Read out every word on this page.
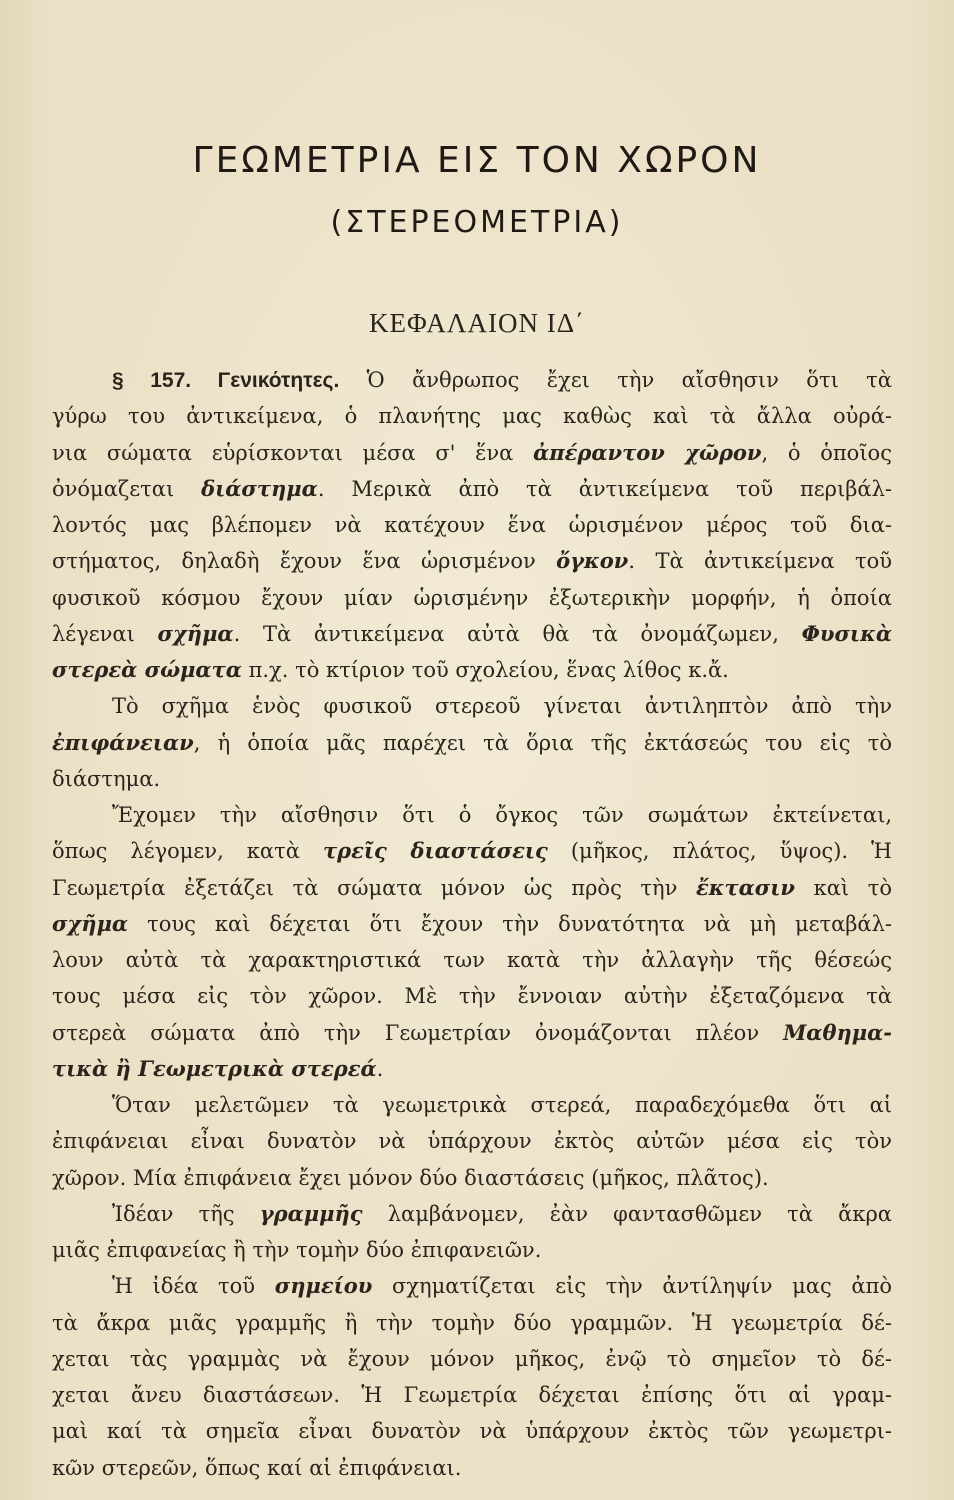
ΓΕΩΜΕΤΡΙΑ ΕΙΣ ΤΟΝ ΧΩΡΟΝ
(ΣΤΕΡΕΟΜΕΤΡΙΑ)
ΚΕΦΑΛΑΙΟΝ ΙΔ΄
§ 157. Γενικότητες. Ὁ ἄνθρωπος ἔχει τὴν αἴσθησιν ὅτι τὰ
γύρω του ἀντικείμενα, ὁ πλανήτης μας καθὼς καὶ τὰ ἄλλα οὐρά-
νια σώματα εὑρίσκονται μέσα σ' ἕνα ἀπέραντον χῶρον, ὁ ὁποῖος
ὀνόμαζεται διάστημα. Μερικὰ ἀπὸ τὰ ἀντικείμενα τοῦ περιβάλ-
λοντός μας βλέπομεν νὰ κατέχουν ἕνα ὡρισμένον μέρος τοῦ δια-
στήματος, δηλαδὴ ἔχουν ἕνα ὡρισμένον ὄγκον. Τὰ ἀντικείμενα τοῦ
φυσικοῦ κόσμου ἔχουν μίαν ὡρισμένην ἐξωτερικὴν μορφήν, ἡ ὁποία
λέγεναι σχῆμα. Τὰ ἀντικείμενα αὐτὰ θὰ τὰ ὀνομάζωμεν, Φυσικὰ
στερεὰ σώματα π.χ. τὸ κτίριον τοῦ σχολείου, ἕνας λίθος κ.ἄ.
Τὸ σχῆμα ἑνὸς φυσικοῦ στερεοῦ γίνεται ἀντιληπτὸν ἀπὸ τὴν
ἐπιφάνειαν, ἡ ὁποία μᾶς παρέχει τὰ ὅρια τῆς ἐκτάσεώς του εἰς τὸ
διάστημα.
Ἔχομεν τὴν αἴσθησιν ὅτι ὁ ὄγκος τῶν σωμάτων ἐκτείνεται,
ὅπως λέγομεν, κατὰ τρεῖς διαστάσεις (μῆκος, πλάτος, ὕψος). Ἡ
Γεωμετρία ἐξετάζει τὰ σώματα μόνον ὡς πρὸς τὴν ἔκτασιν καὶ τὸ
σχῆμα τους καὶ δέχεται ὅτι ἔχουν τὴν δυνατότητα νὰ μὴ μεταβάλ-
λουν αὐτὰ τὰ χαρακτηριστικά των κατὰ τὴν ἀλλαγὴν τῆς θέσεώς
τους μέσα εἰς τὸν χῶρον. Μὲ τὴν ἔννοιαν αὐτὴν ἐξεταζόμενα τὰ
στερεὰ σώματα ἀπὸ τὴν Γεωμετρίαν ὀνομάζονται πλέον Μαθημα-
τικὰ ἢ Γεωμετρικὰ στερεά.
Ὅταν μελετῶμεν τὰ γεωμετρικὰ στερεά, παραδεχόμεθα ὅτι αἱ
ἐπιφάνειαι εἶναι δυνατὸν νὰ ὑπάρχουν ἐκτὸς αὐτῶν μέσα εἰς τὸν
χῶρον. Μία ἐπιφάνεια ἔχει μόνον δύο διαστάσεις (μῆκος, πλᾶτος).
Ἰδέαν τῆς γραμμῆς λαμβάνομεν, ἐὰν φαντασθῶμεν τὰ ἄκρα
μιᾶς ἐπιφανείας ἢ τὴν τομὴν δύο ἐπιφανειῶν.
Ἡ ἰδέα τοῦ σημείου σχηματίζεται εἰς τὴν ἀντίληψίν μας ἀπὸ
τὰ ἄκρα μιᾶς γραμμῆς ἢ τὴν τομὴν δύο γραμμῶν. Ἡ γεωμετρία δέ-
χεται τὰς γραμμὰς νὰ ἔχουν μόνον μῆκος, ἐνῷ τὸ σημεῖον τὸ δέ-
χεται ἄνευ διαστάσεων. Ἡ Γεωμετρία δέχεται ἐπίσης ὅτι αἱ γραμ-
μαὶ καί τὰ σημεῖα εἶναι δυνατὸν νὰ ὑπάρχουν ἐκτὸς τῶν γεωμετρι-
κῶν στερεῶν, ὅπως καί αἱ ἐπιφάνειαι.
